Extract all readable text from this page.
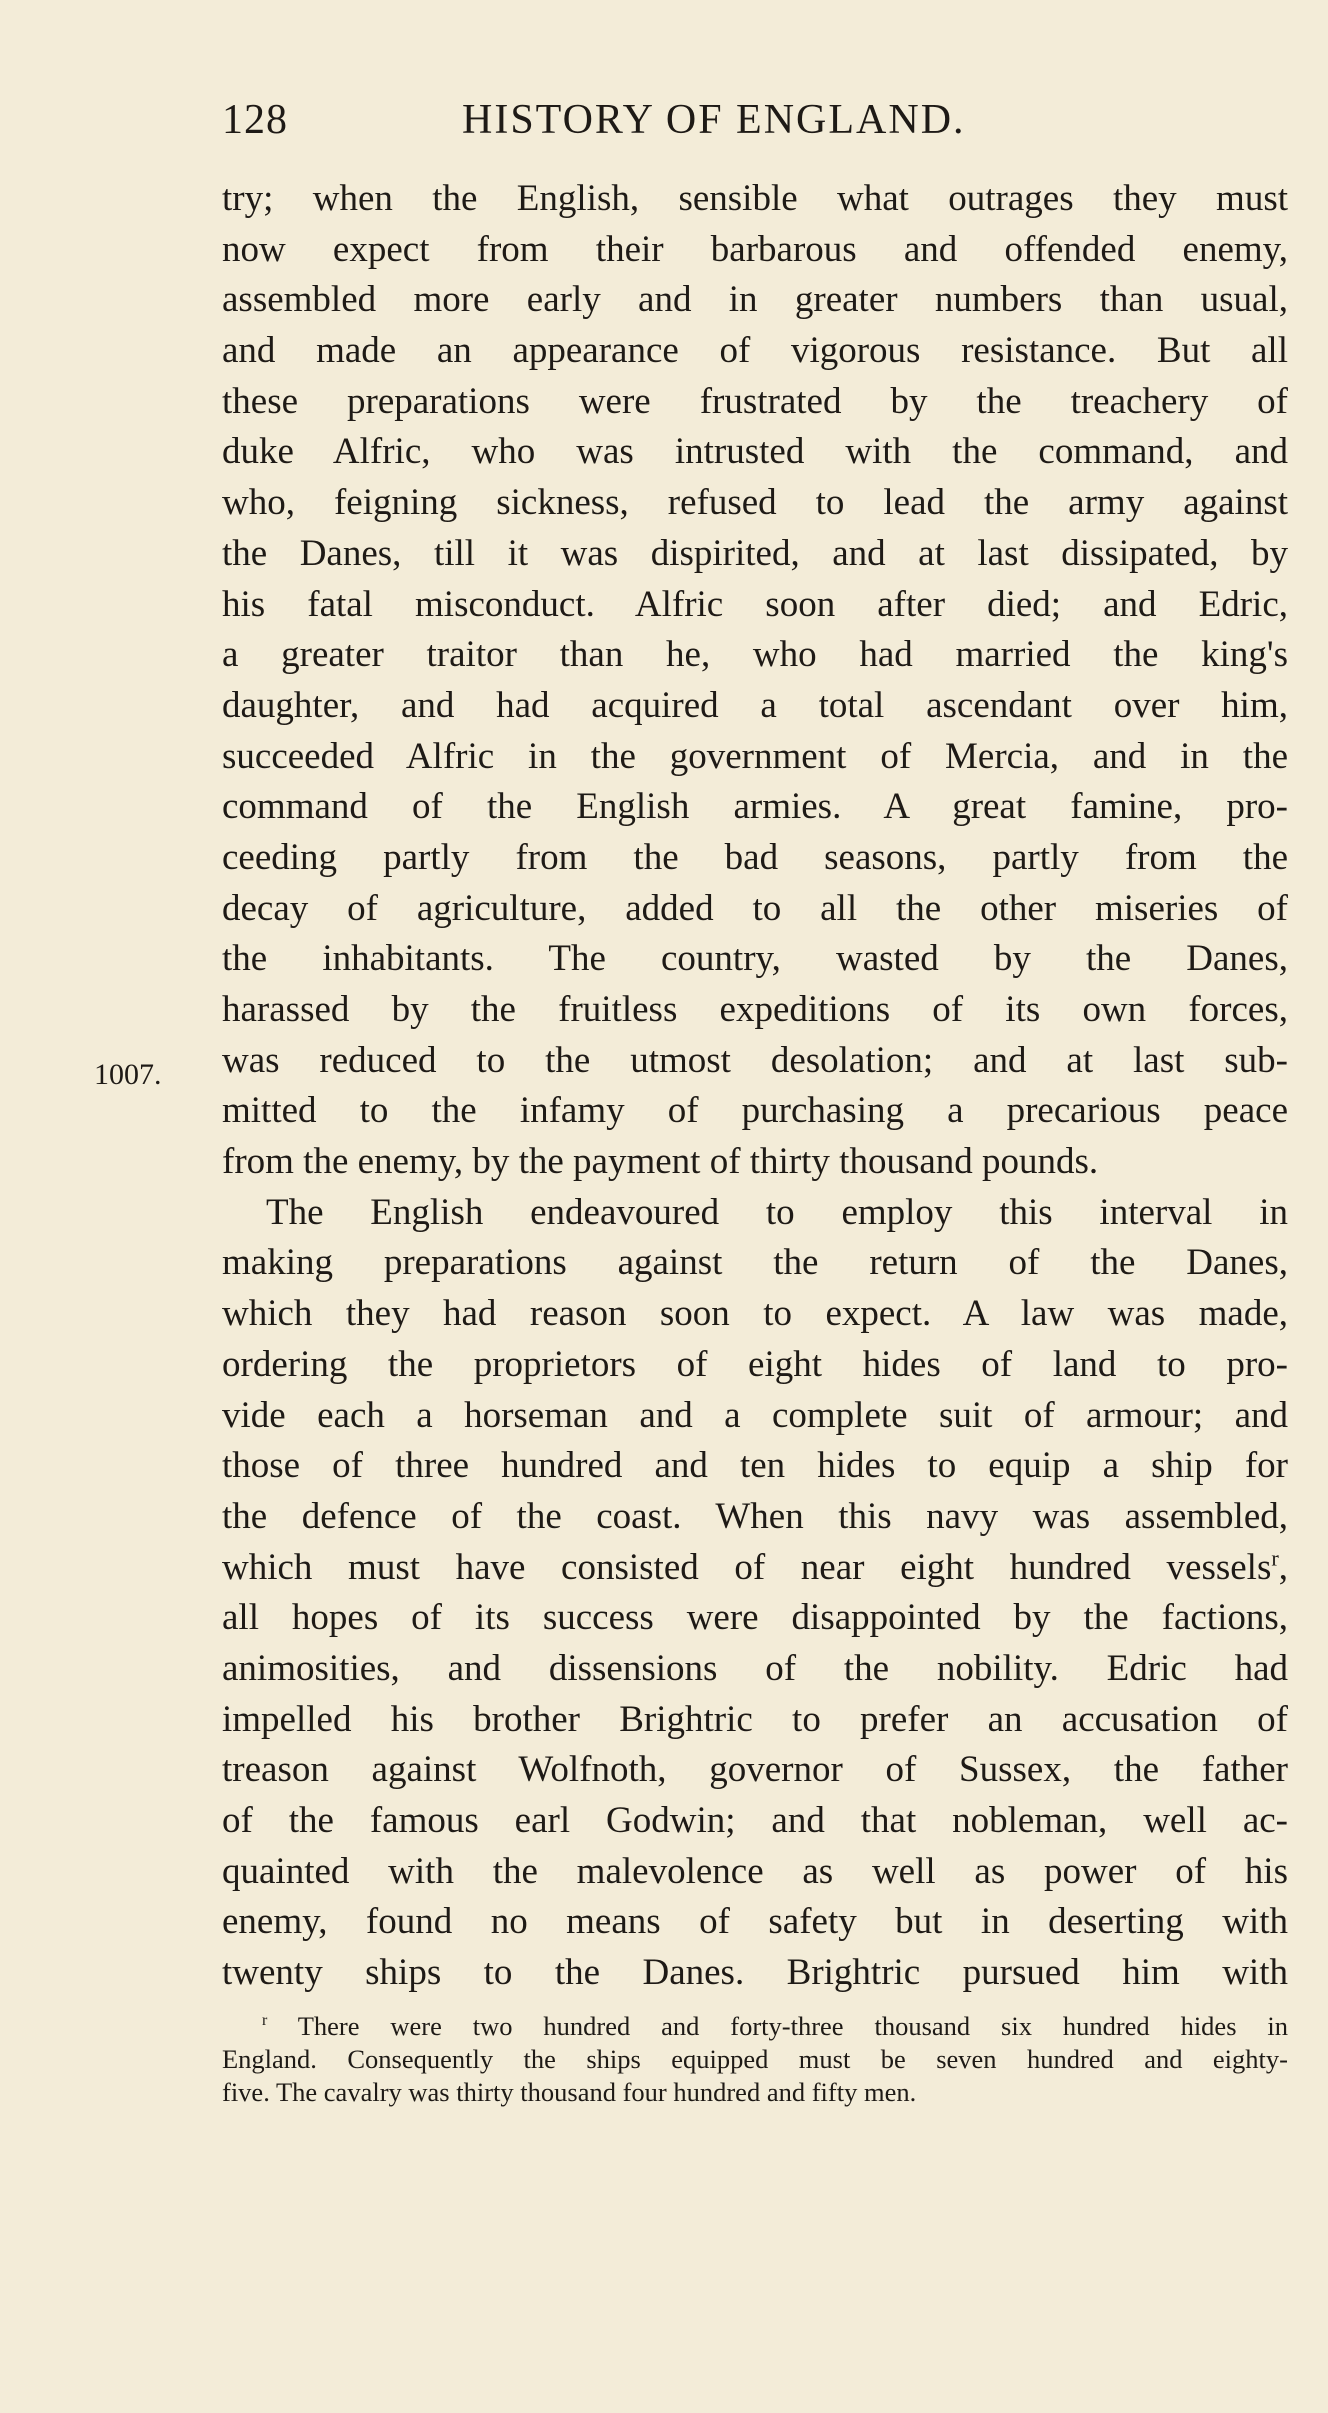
128	HISTORY OF ENGLAND.
1007.
try; when the English, sensible what outrages they must
now expect from their barbarous and offended enemy,
assembled more early and in greater numbers than usual,
and made an appearance of vigorous resistance. But all
these preparations were frustrated by the treachery of
duke Alfric, who was intrusted with the command, and
who, feigning sickness, refused to lead the army against
the Danes, till it was dispirited, and at last dissipated, by
his fatal misconduct. Alfric soon after died; and Edric,
a greater traitor than he, who had married the king's
daughter, and had acquired a total ascendant over him,
succeeded Alfric in the government of Mercia, and in the
command of the English armies. A great famine, pro-
ceeding partly from the bad seasons, partly from the
decay of agriculture, added to all the other miseries of
the inhabitants. The country, wasted by the Danes,
harassed by the fruitless expeditions of its own forces,
was reduced to the utmost desolation; and at last sub-
mitted to the infamy of purchasing a precarious peace
from the enemy, by the payment of thirty thousand pounds.
The English endeavoured to employ this interval in
making preparations against the return of the Danes,
which they had reason soon to expect. A law was made,
ordering the proprietors of eight hides of land to pro-
vide each a horseman and a complete suit of armour; and
those of three hundred and ten hides to equip a ship for
the defence of the coast. When this navy was assembled,
which must have consisted of near eight hundred vessels$^r$,
all hopes of its success were disappointed by the factions,
animosities, and dissensions of the nobility. Edric had
impelled his brother Brightric to prefer an accusation of
treason against Wolfnoth, governor of Sussex, the father
of the famous earl Godwin; and that nobleman, well ac-
quainted with the malevolence as well as power of his
enemy, found no means of safety but in deserting with
twenty ships to the Danes. Brightric pursued him with
$^r$ There were two hundred and forty-three thousand six hundred hides in
England. Consequently the ships equipped must be seven hundred and eighty-
five. The cavalry was thirty thousand four hundred and fifty men.
